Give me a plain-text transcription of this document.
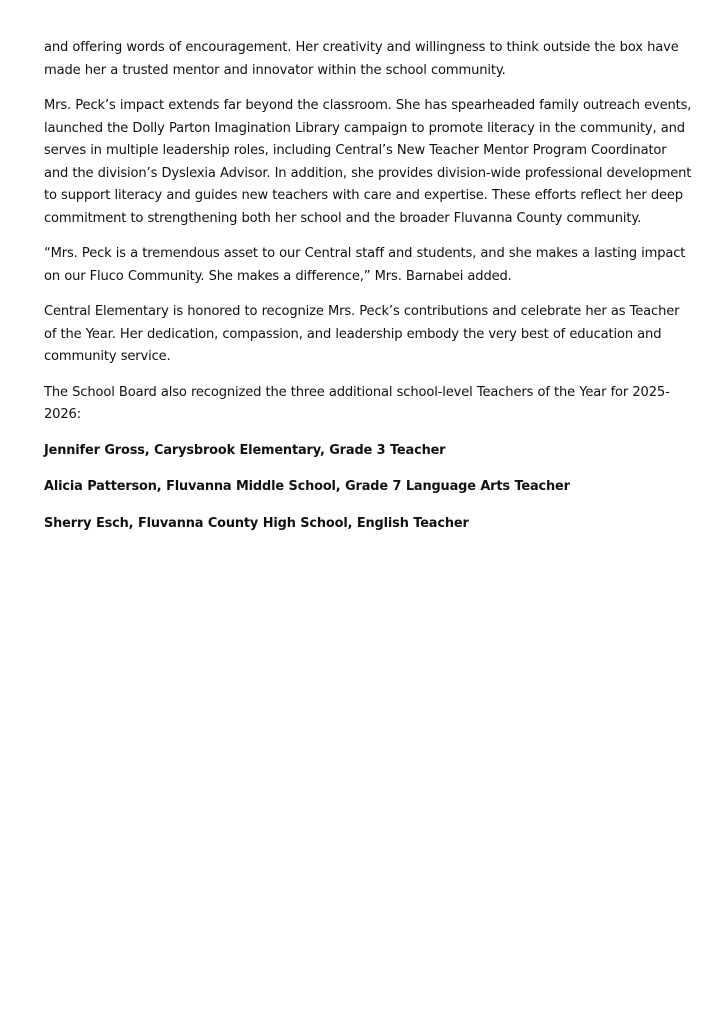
and offering words of encouragement. Her creativity and willingness to think outside the box have made her a trusted mentor and innovator within the school community.

Mrs. Peck’s impact extends far beyond the classroom. She has spearheaded family outreach events, launched the Dolly Parton Imagination Library campaign to promote literacy in the community, and serves in multiple leadership roles, including Central’s New Teacher Mentor Program Coordinator and the division’s Dyslexia Advisor. In addition, she provides division-wide professional development to support literacy and guides new teachers with care and expertise. These efforts reflect her deep commitment to strengthening both her school and the broader Fluvanna County community.

“Mrs. Peck is a tremendous asset to our Central staff and students, and she makes a lasting impact on our Fluco Community. She makes a difference,” Mrs. Barnabei added.

Central Elementary is honored to recognize Mrs. Peck’s contributions and celebrate her as Teacher of the Year. Her dedication, compassion, and leadership embody the very best of education and community service.

The School Board also recognized the three additional school-level Teachers of the Year for 2025-2026:

Jennifer Gross, Carysbrook Elementary, Grade 3 Teacher

Alicia Patterson, Fluvanna Middle School, Grade 7 Language Arts Teacher

Sherry Esch, Fluvanna County High School, English Teacher
